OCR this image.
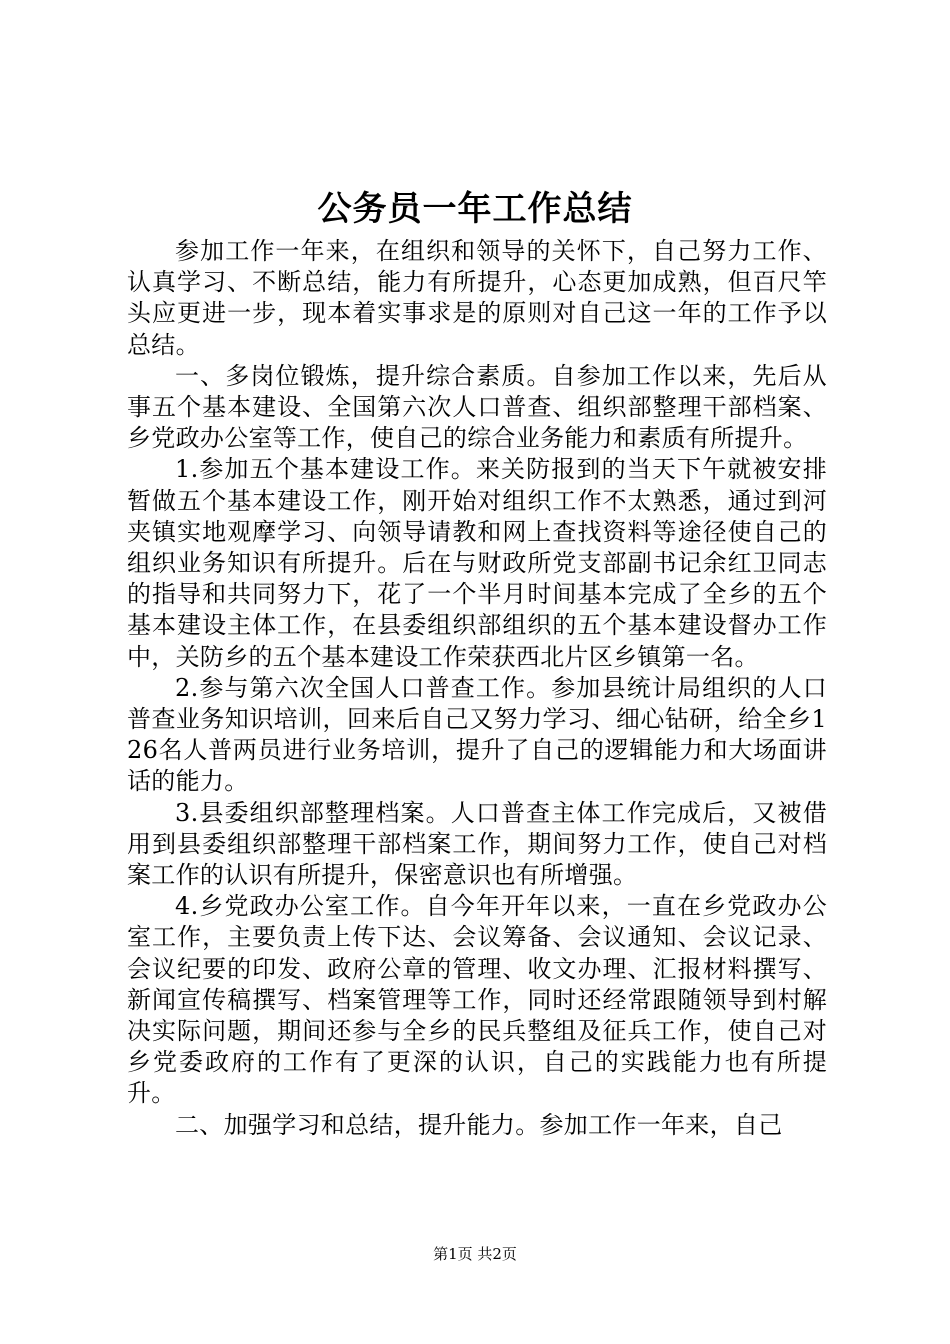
公务员一年工作总结

参加工作一年来，在组织和领导的关怀下，自己努力工作、认真学习、不断总结，能力有所提升，心态更加成熟，但百尺竿头应更进一步，现本着实事求是的原则对自己这一年的工作予以总结。

一、多岗位锻炼，提升综合素质。自参加工作以来，先后从事五个基本建设、全国第六次人口普查、组织部整理干部档案、乡党政办公室等工作，使自己的综合业务能力和素质有所提升。

1.参加五个基本建设工作。来关防报到的当天下午就被安排暂做五个基本建设工作，刚开始对组织工作不太熟悉，通过到河夹镇实地观摩学习、向领导请教和网上查找资料等途径使自己的组织业务知识有所提升。后在与财政所党支部副书记余红卫同志的指导和共同努力下，花了一个半月时间基本完成了全乡的五个基本建设主体工作，在县委组织部组织的五个基本建设督办工作中，关防乡的五个基本建设工作荣获西北片区乡镇第一名。

2.参与第六次全国人口普查工作。参加县统计局组织的人口普查业务知识培训，回来后自己又努力学习、细心钻研，给全乡126名人普两员进行业务培训，提升了自己的逻辑能力和大场面讲话的能力。

3.县委组织部整理档案。人口普查主体工作完成后，又被借用到县委组织部整理干部档案工作，期间努力工作，使自己对档案工作的认识有所提升，保密意识也有所增强。

4.乡党政办公室工作。自今年开年以来，一直在乡党政办公室工作，主要负责上传下达、会议筹备、会议通知、会议记录、会议纪要的印发、政府公章的管理、收文办理、汇报材料撰写、新闻宣传稿撰写、档案管理等工作，同时还经常跟随领导到村解决实际问题，期间还参与全乡的民兵整组及征兵工作，使自己对乡党委政府的工作有了更深的认识，自己的实践能力也有所提升。

二、加强学习和总结，提升能力。参加工作一年来，自己

第1页 共2页
